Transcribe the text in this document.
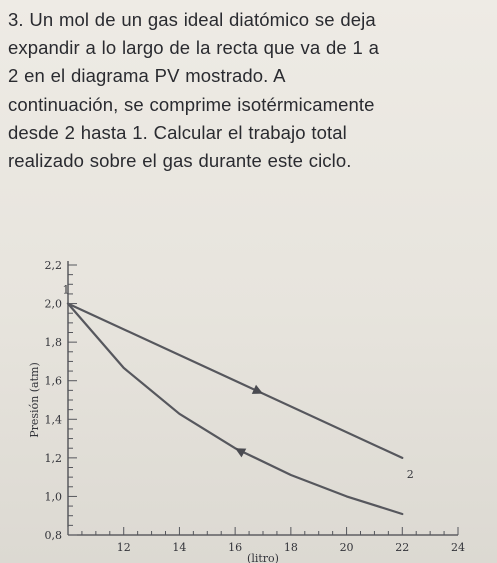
3. Un mol de un gas ideal diatómico se deja
expandir a lo largo de la recta que va de 1 a
2 en el diagrama PV mostrado. A
continuación, se comprime isotérmicamente
desde 2 hasta 1. Calcular el trabajo total
realizado sobre el gas durante este ciclo.
2,2
2,0
1,8
1,6
1,4
1,2
1,0
0,8
12	14	16	18	20	22	24
Presión (atm)
(litro)
1
2
